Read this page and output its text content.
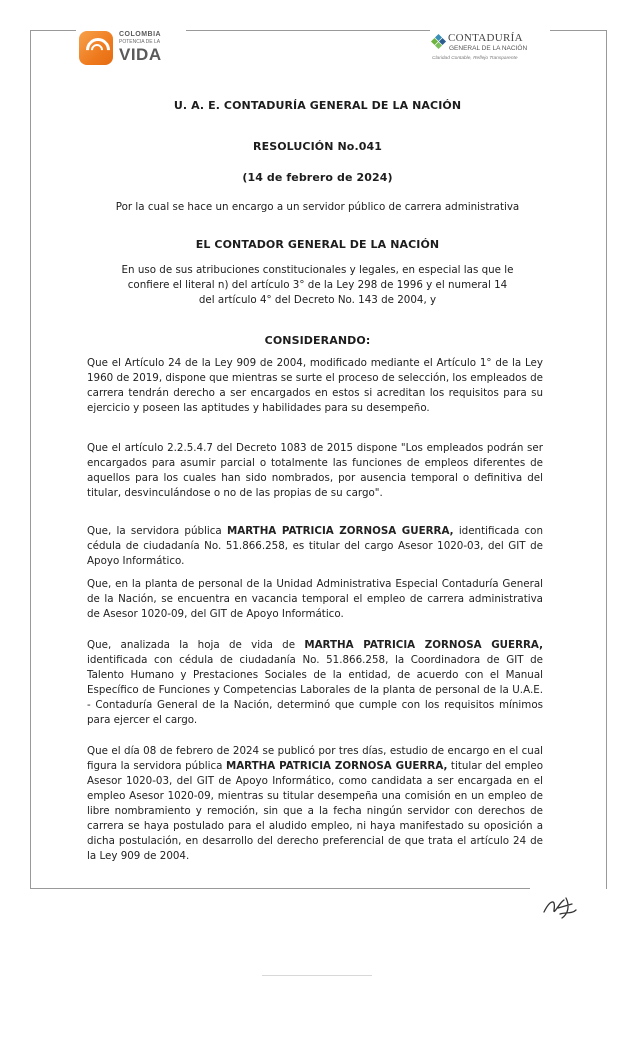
COLOMBIA
POTENCIA DE LA
VIDA
CONTADURÍA
GENERAL DE LA NACIÓN
Claridad Contable, Reflejo Transparente
U. A. E. CONTADURÍA GENERAL DE LA NACIÓN
RESOLUCIÓN No.041
(14 de febrero de 2024)
Por la cual se hace un encargo a un servidor público de carrera administrativa
EL CONTADOR GENERAL DE LA NACIÓN
En uso de sus atribuciones constitucionales y legales, en especial las que le
confiere el literal n) del artículo 3° de la Ley 298 de 1996 y el numeral 14
del artículo 4° del Decreto No. 143 de 2004, y
CONSIDERANDO:
Que el Artículo 24 de la Ley 909 de 2004, modificado mediante el Artículo 1° de la Ley 1960 de 2019, dispone que mientras se surte el proceso de selección, los empleados de carrera tendrán derecho a ser encargados en estos si acreditan los requisitos para su ejercicio y poseen las aptitudes y habilidades para su desempeño.
Que el artículo 2.2.5.4.7 del Decreto 1083 de 2015 dispone "Los empleados podrán ser encargados para asumir parcial o totalmente las funciones de empleos diferentes de aquellos para los cuales han sido nombrados, por ausencia temporal o definitiva del titular, desvinculándose o no de las propias de su cargo".
Que, la servidora pública MARTHA PATRICIA ZORNOSA GUERRA, identificada con cédula de ciudadanía No. 51.866.258, es titular del cargo Asesor 1020-03, del GIT de Apoyo Informático.
Que, en la planta de personal de la Unidad Administrativa Especial Contaduría General de la Nación, se encuentra en vacancia temporal el empleo de carrera administrativa de Asesor 1020-09, del GIT de Apoyo Informático.
Que, analizada la hoja de vida de MARTHA PATRICIA ZORNOSA GUERRA, identificada con cédula de ciudadanía No. 51.866.258, la Coordinadora de GIT de Talento Humano y Prestaciones Sociales de la entidad, de acuerdo con el Manual Específico de Funciones y Competencias Laborales de la planta de personal de la U.A.E. - Contaduría General de la Nación, determinó que cumple con los requisitos mínimos para ejercer el cargo.
Que el día 08 de febrero de 2024 se publicó por tres días, estudio de encargo en el cual figura la servidora pública MARTHA PATRICIA ZORNOSA GUERRA, titular del empleo Asesor 1020-03, del GIT de Apoyo Informático, como candidata a ser encargada en el empleo Asesor 1020-09, mientras su titular desempeña una comisión en un empleo de libre nombramiento y remoción, sin que a la fecha ningún servidor con derechos de carrera se haya postulado para el aludido empleo, ni haya manifestado su oposición a dicha postulación, en desarrollo del derecho preferencial de que trata el artículo 24 de la Ley 909 de 2004.
